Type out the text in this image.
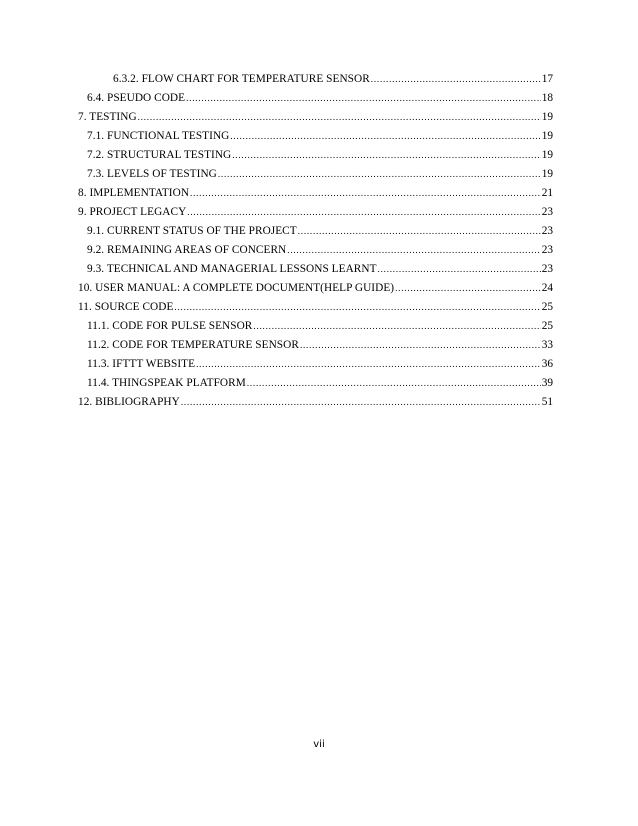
6.3.2. FLOW CHART FOR TEMPERATURE SENSOR .....	17
6.4. PSEUDO CODE .....	18
7. TESTING .....	19
7.1. FUNCTIONAL TESTING .....	19
7.2. STRUCTURAL TESTING .....	19
7.3. LEVELS OF TESTING .....	19
8. IMPLEMENTATION .....	21
9. PROJECT LEGACY .....	23
9.1. CURRENT STATUS OF THE PROJECT .....	23
9.2. REMAINING AREAS OF CONCERN .....	23
9.3. TECHNICAL AND MANAGERIAL LESSONS LEARNT .....	23
10. USER MANUAL: A COMPLETE DOCUMENT(HELP GUIDE) .....	24
11. SOURCE CODE .....	25
11.1. CODE FOR PULSE SENSOR .....	25
11.2. CODE FOR TEMPERATURE SENSOR .....	33
11.3. IFTTT WEBSITE .....	36
11.4. THINGSPEAK PLATFORM .....	39
12. BIBLIOGRAPHY .....	51
vii
